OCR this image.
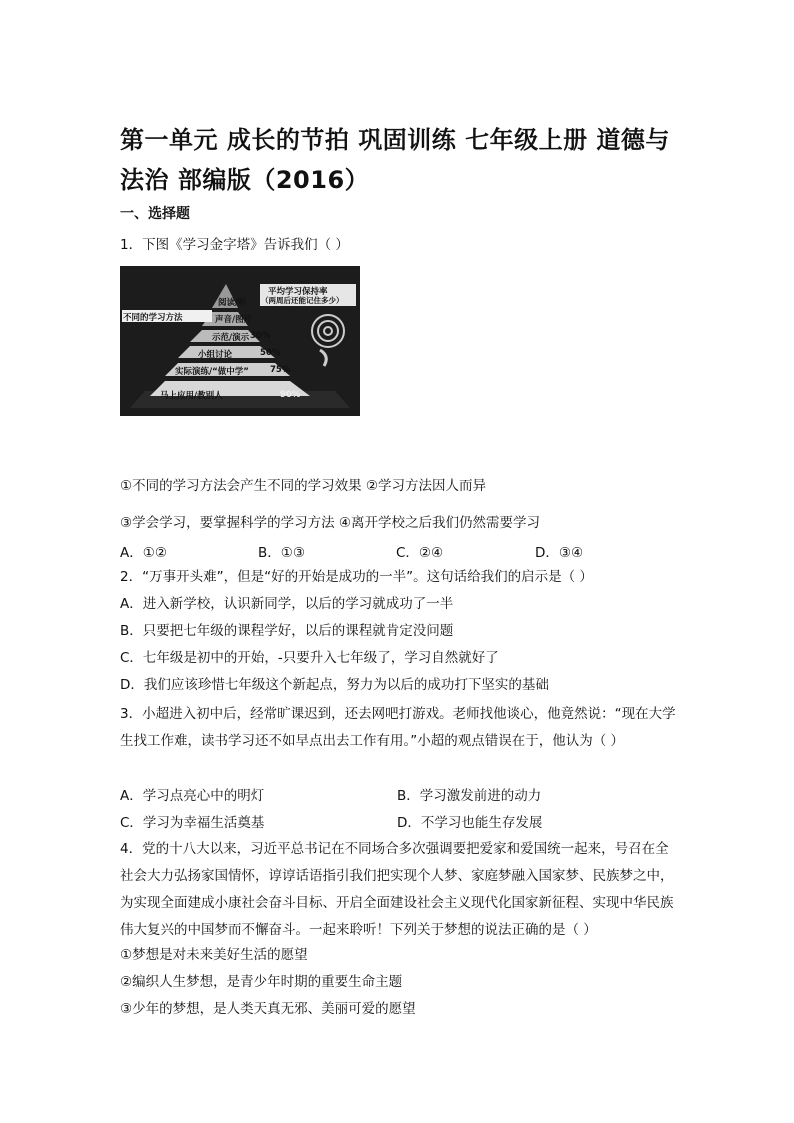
第一单元 成长的节拍 巩固训练 七年级上册 道德与法治 部编版（2016）
一、选择题
1．下图《学习金字塔》告诉我们（ ）
阅读/听
平均学习保持率
（两周后还能记住多少）
不同的学习方法	声音/图片
示范/演示 30%
小组讨论	50%
实际演练/“做中学” 75%
马上应用/教别人	90%
①不同的学习方法会产生不同的学习效果 ②学习方法因人而异
③学会学习，要掌握科学的学习方法 ④离开学校之后我们仍然需要学习
A．①②	B．①③	C．②④	D．③④
2．“万事开头难”，但是“好的开始是成功的一半”。这句话给我们的启示是（ ）
A．进入新学校，认识新同学，以后的学习就成功了一半
B．只要把七年级的课程学好，以后的课程就肯定没问题
C．七年级是初中的开始，-只要升入七年级了，学习自然就好了
D．我们应该珍惜七年级这个新起点，努力为以后的成功打下坚实的基础
3．小超进入初中后，经常旷课迟到，还去网吧打游戏。老师找他谈心，他竟然说：“现在大学生找工作难，读书学习还不如早点出去工作有用。”小超的观点错误在于，他认为（ ）
A．学习点亮心中的明灯	B．学习激发前进的动力
C．学习为幸福生活奠基	D．不学习也能生存发展
4．党的十八大以来，习近平总书记在不同场合多次强调要把爱家和爱国统一起来，号召在全社会大力弘扬家国情怀，谆谆话语指引我们把实现个人梦、家庭梦融入国家梦、民族梦之中，为实现全面建成小康社会奋斗目标、开启全面建设社会主义现代化国家新征程、实现中华民族伟大复兴的中国梦而不懈奋斗。一起来聆听！下列关于梦想的说法正确的是（ ）
①梦想是对未来美好生活的愿望
②编织人生梦想，是青少年时期的重要生命主题
③少年的梦想，是人类天真无邪、美丽可爱的愿望
